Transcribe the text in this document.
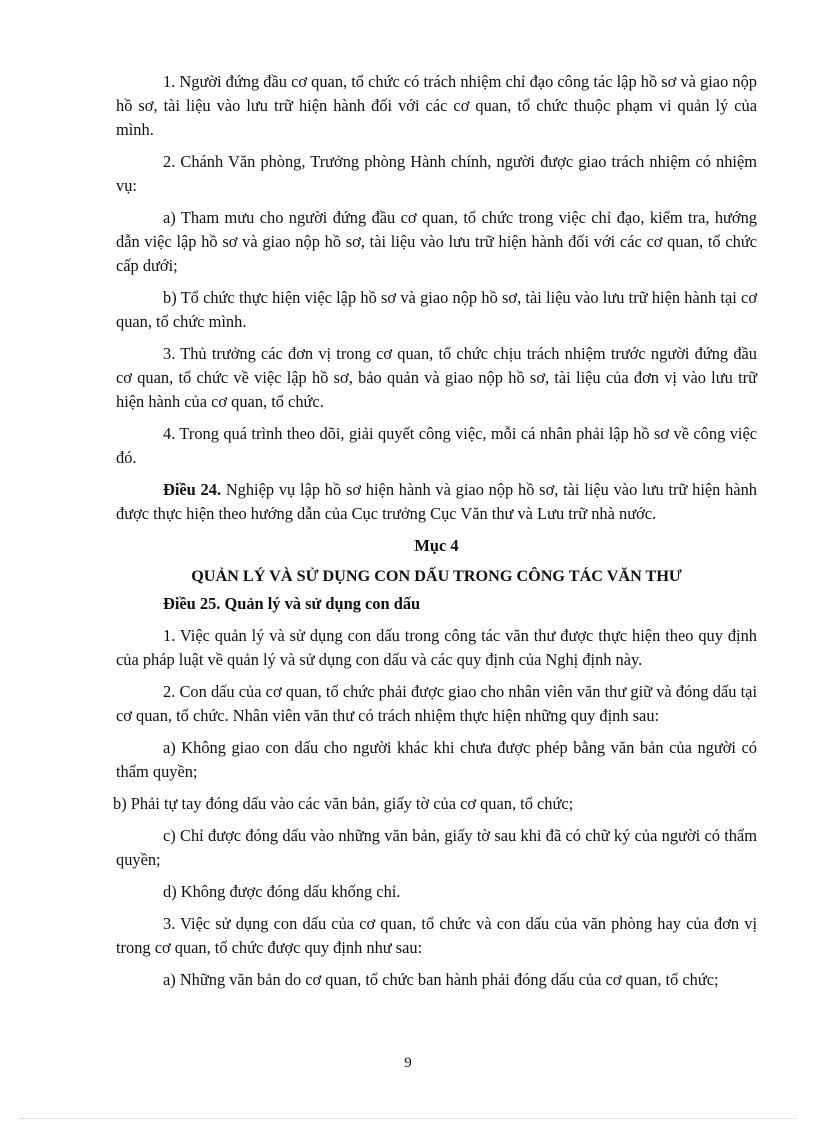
1. Người đứng đầu cơ quan, tổ chức có trách nhiệm chỉ đạo công tác lập hồ sơ và giao nộp hồ sơ, tài liệu vào lưu trữ hiện hành đối với các cơ quan, tổ chức thuộc phạm vi quản lý của mình.

2. Chánh Văn phòng, Trưởng phòng Hành chính, người được giao trách nhiệm có nhiệm vụ:

a) Tham mưu cho người đứng đầu cơ quan, tổ chức trong việc chỉ đạo, kiểm tra, hướng dẫn việc lập hồ sơ và giao nộp hồ sơ, tài liệu vào lưu trữ hiện hành đối với các cơ quan, tổ chức cấp dưới;

b) Tổ chức thực hiện việc lập hồ sơ và giao nộp hồ sơ, tài liệu vào lưu trữ hiện hành tại cơ quan, tổ chức mình.

3. Thủ trưởng các đơn vị trong cơ quan, tổ chức chịu trách nhiệm trước người đứng đầu cơ quan, tổ chức về việc lập hồ sơ, bảo quản và giao nộp hồ sơ, tài liệu của đơn vị vào lưu trữ hiện hành của cơ quan, tổ chức.

4. Trong quá trình theo dõi, giải quyết công việc, mỗi cá nhân phải lập hồ sơ về công việc đó.

Điều 24. Nghiệp vụ lập hồ sơ hiện hành và giao nộp hồ sơ, tài liệu vào lưu trữ hiện hành được thực hiện theo hướng dẫn của Cục trưởng Cục Văn thư và Lưu trữ nhà nước.

Mục 4
QUẢN LÝ VÀ SỬ DỤNG CON DẤU TRONG CÔNG TÁC VĂN THƯ
Điều 25. Quản lý và sử dụng con dấu

1. Việc quản lý và sử dụng con dấu trong công tác văn thư được thực hiện theo quy định của pháp luật về quản lý và sử dụng con dấu và các quy định của Nghị định này.

2. Con dấu của cơ quan, tổ chức phải được giao cho nhân viên văn thư giữ và đóng dấu tại cơ quan, tổ chức. Nhân viên văn thư có trách nhiệm thực hiện những quy định sau:

a) Không giao con dấu cho người khác khi chưa được phép bằng văn bản của người có thẩm quyền;

b) Phải tự tay đóng dấu vào các văn bản, giấy tờ của cơ quan, tổ chức;

c) Chỉ được đóng dấu vào những văn bản, giấy tờ sau khi đã có chữ ký của người có thẩm quyền;

d) Không được đóng dấu khống chỉ.

3. Việc sử dụng con dấu của cơ quan, tổ chức và con dấu của văn phòng hay của đơn vị trong cơ quan, tổ chức được quy định như sau:

a) Những văn bản do cơ quan, tổ chức ban hành phải đóng dấu của cơ quan, tổ chức;

9
